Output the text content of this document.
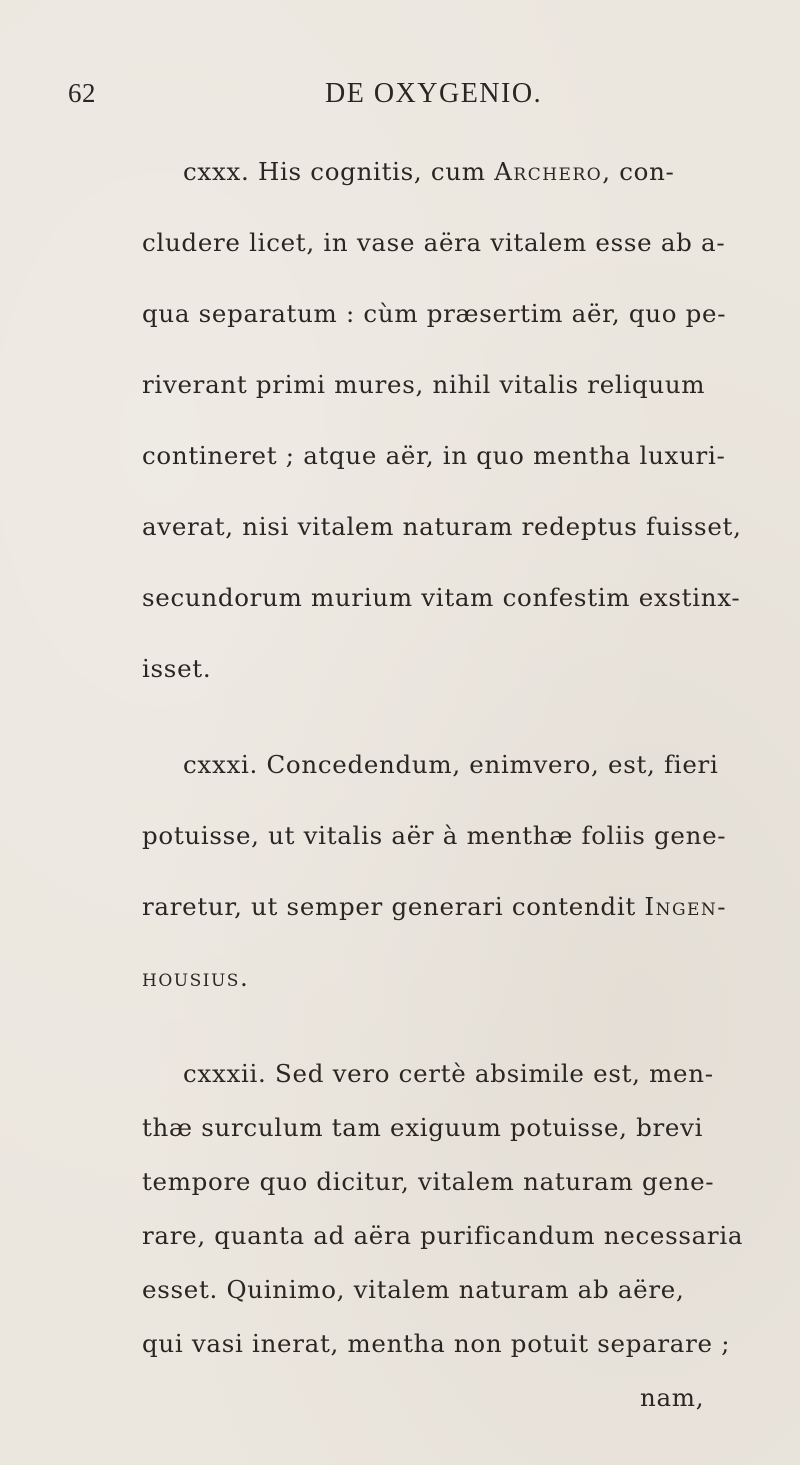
62	DE OXYGENIO.
cxxx. His cognitis, cum Archero, con-
cludere licet, in vase aëra vitalem esse ab a-
qua separatum : cùm præsertim aër, quo pe-
riverant primi mures, nihil vitalis reliquum
contineret ; atque aër, in quo mentha luxuri-
averat, nisi vitalem naturam redeptus fuisset,
secundorum murium vitam confestim exstinx-
isset.
cxxxi. Concedendum, enimvero, est, fieri
potuisse, ut vitalis aër à menthæ foliis gene-
raretur, ut semper generari contendit Ingen-
housius.
cxxxii. Sed vero certè absimile est, men-
thæ surculum tam exiguum potuisse, brevi
tempore quo dicitur, vitalem naturam gene-
rare, quanta ad aëra purificandum necessaria
esset. Quinimo, vitalem naturam ab aëre,
qui vasi inerat, mentha non potuit separare ;
nam,
